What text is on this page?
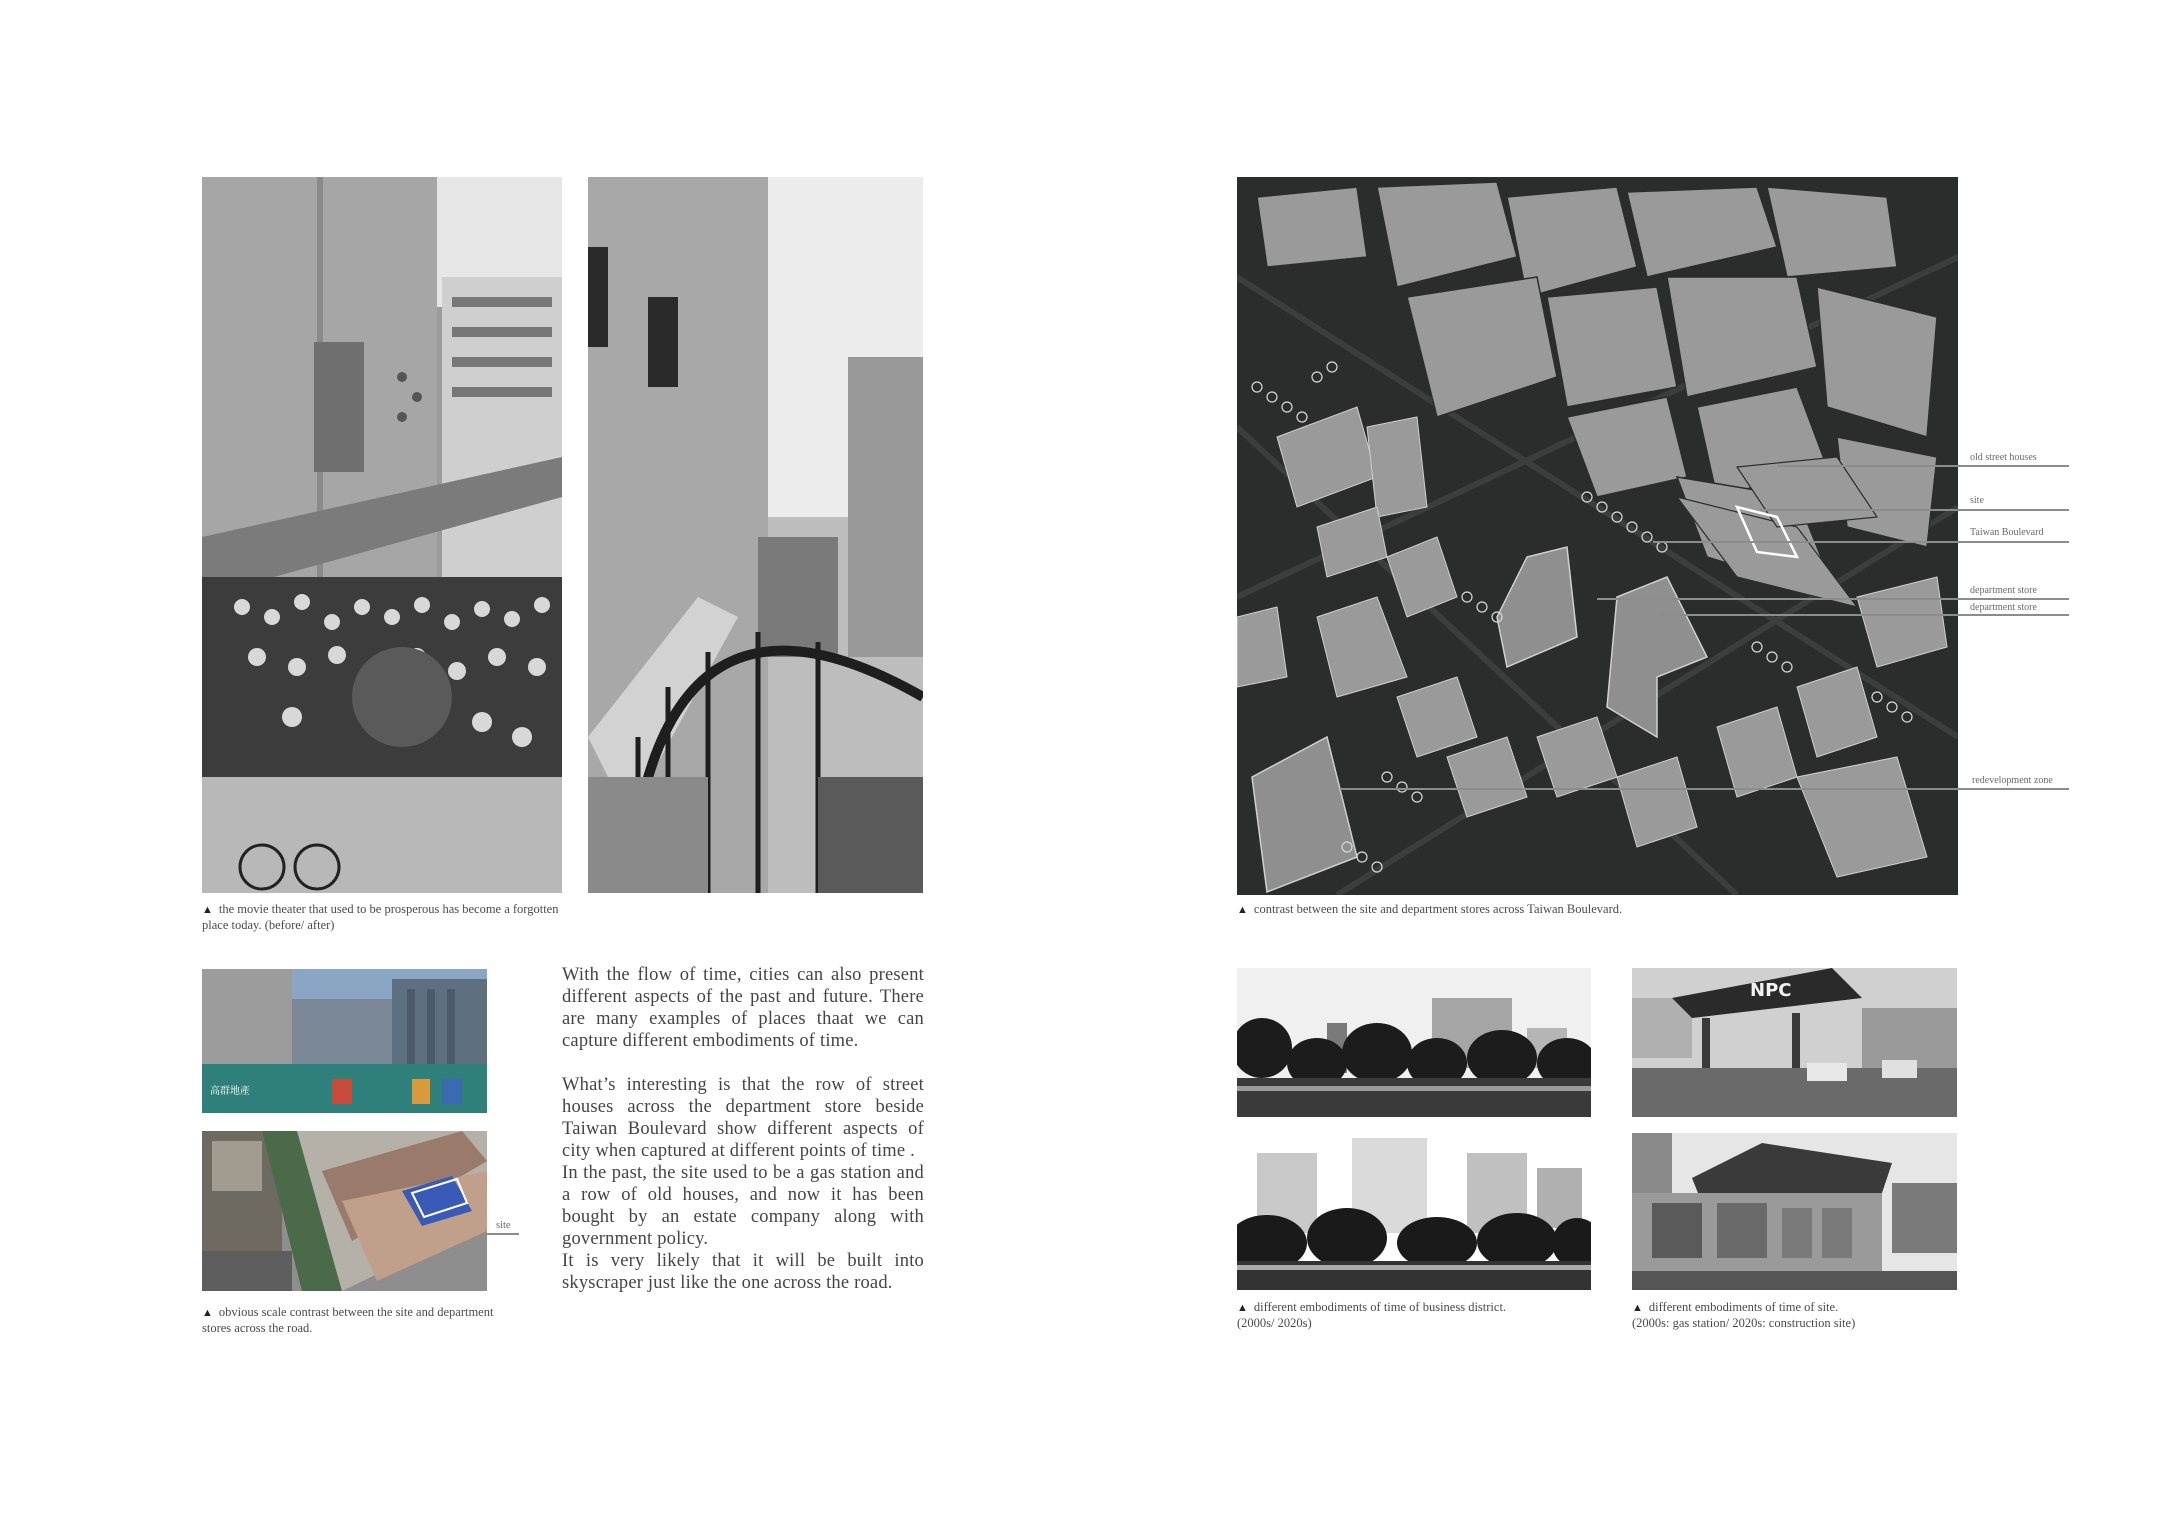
▲ the movie theater that used to be prosperous has become a forgotten place today. (before/ after)
高群地產
site
▲ obvious scale contrast between the site and department stores across the road.

With the flow of time, cities can also present different aspects of the past and future. There are many examples of places thaat we can capture different embodiments of time.

What’s interesting is that the row of street houses across the department store beside Taiwan Boulevard show different aspects of city when captured at different points of time .

In the past, the site used to be a gas station and a row of old houses, and now it has been bought by an estate company along with government policy.

It is very likely that it will be built into skyscraper just like the one across the road.

old street houses
site
Taiwan Boulevard
department store
department store
redevelopment zone
▲ contrast between the site and department stores across Taiwan Boulevard.
NPC
▲ different embodiments of time of business district.
(2000s/ 2020s)
▲ different embodiments of time of site.
(2000s: gas station/ 2020s: construction site)
